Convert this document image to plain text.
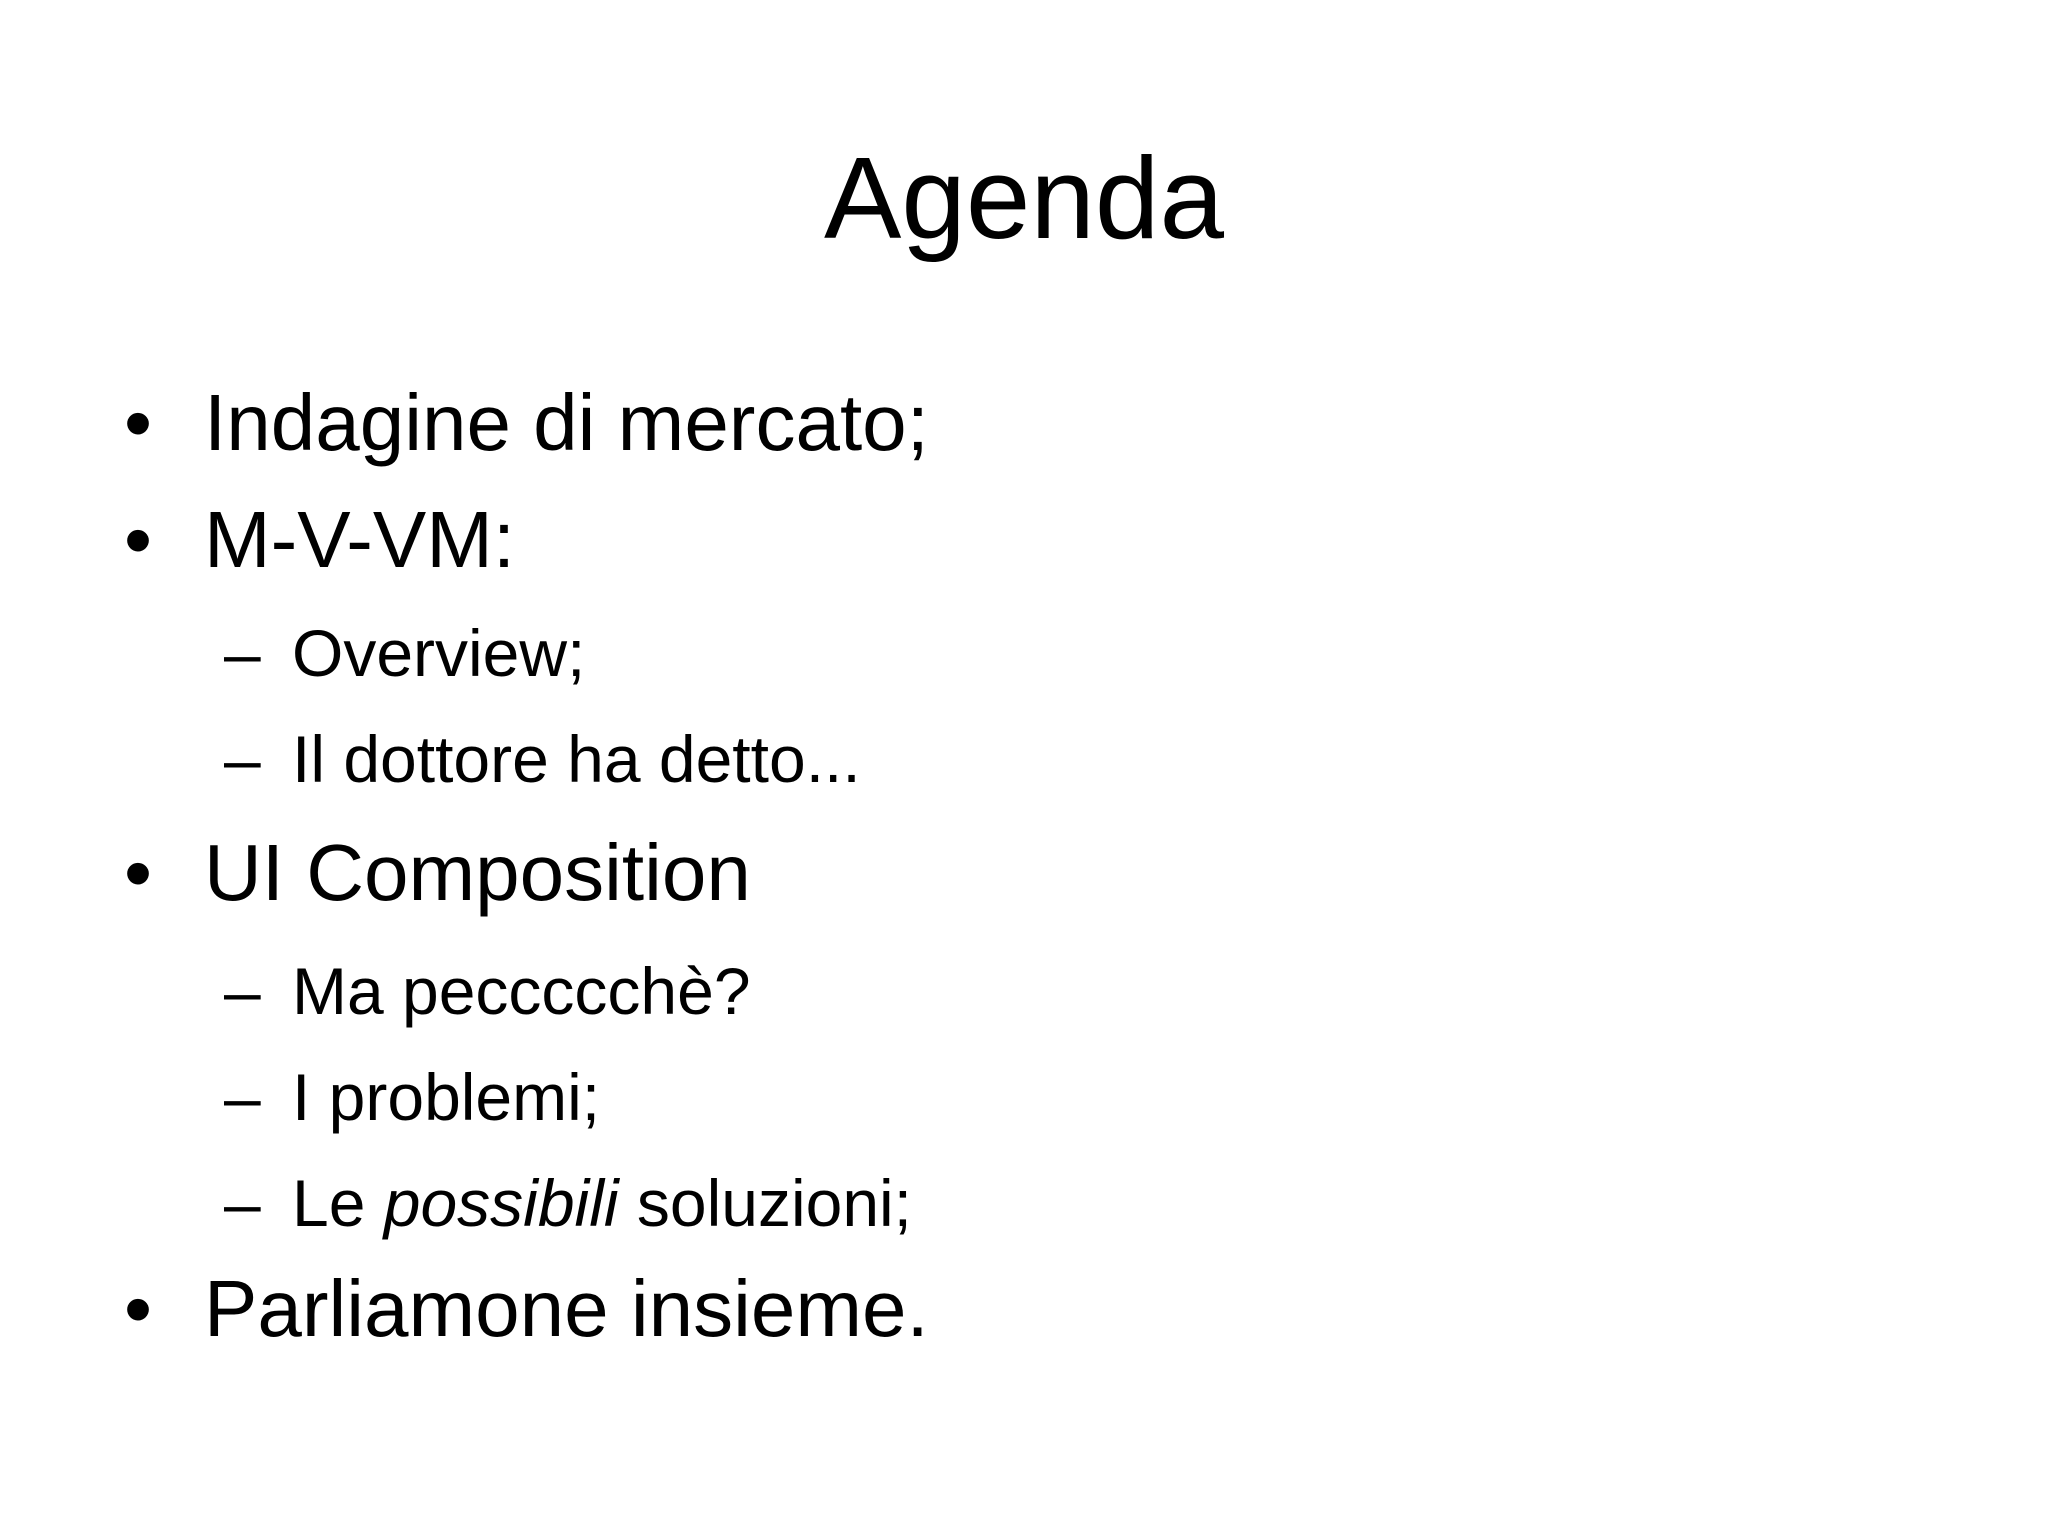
Agenda
• Indagine di mercato;
• M-V-VM:
– Overview;
– Il dottore ha detto...
• UI Composition
– Ma peccccchè?
– I problemi;
– Le possibili soluzioni;
• Parliamone insieme.
